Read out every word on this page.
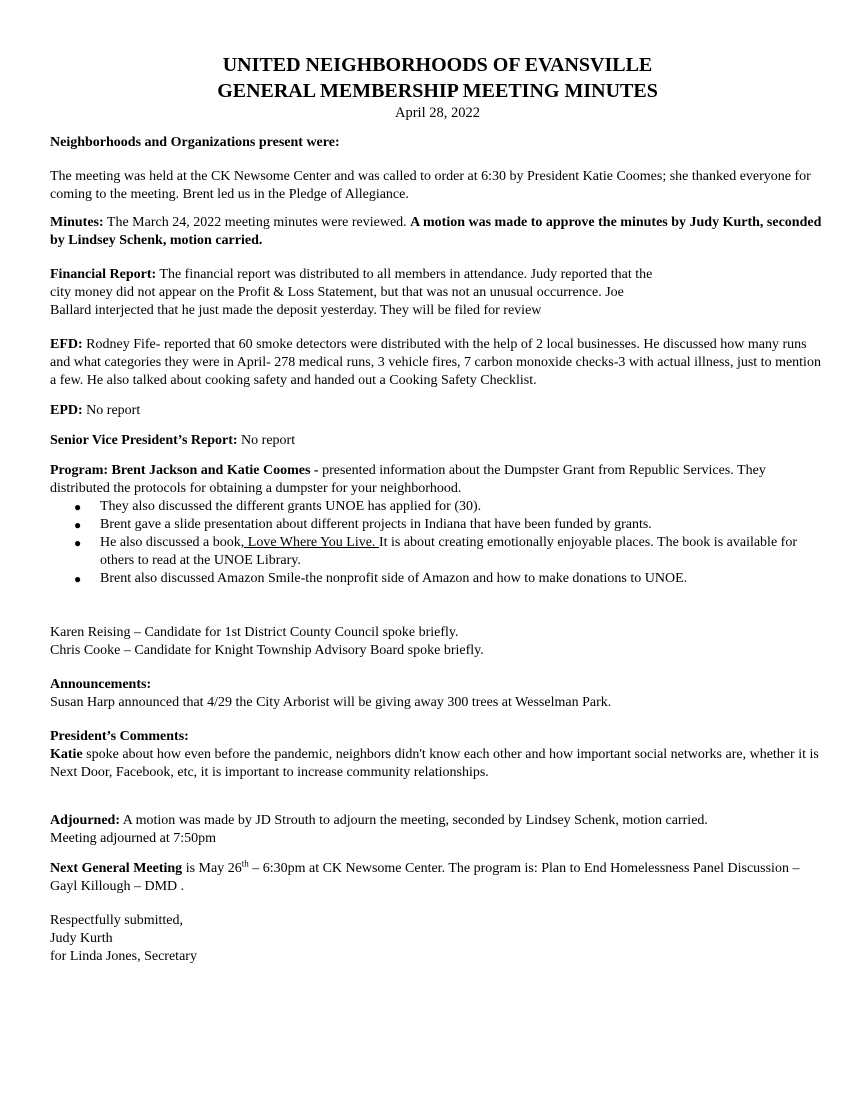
UNITED NEIGHBORHOODS OF EVANSVILLE

GENERAL MEMBERSHIP MEETING MINUTES

April 28, 2022

Neighborhoods and Organizations present were:

The meeting was held at the CK Newsome Center and was called to order at 6:30 by President Katie Coomes; she thanked everyone for coming to the meeting. Brent led us in the Pledge of Allegiance.

Minutes: The March 24, 2022 meeting minutes were reviewed. A motion was made to approve the minutes by Judy Kurth, seconded by Lindsey Schenk, motion carried.

Financial Report: The financial report was distributed to all members in attendance. Judy reported that the city money did not appear on the Profit & Loss Statement, but that was not an unusual occurrence. Joe Ballard interjected that he just made the deposit yesterday. They will be filed for review

EFD: Rodney Fife- reported that 60 smoke detectors were distributed with the help of 2 local businesses. He discussed how many runs and what categories they were in April- 278 medical runs, 3 vehicle fires, 7 carbon monoxide checks-3 with actual illness, just to mention a few. He also talked about cooking safety and handed out a Cooking Safety Checklist.

EPD: No report

Senior Vice President’s Report: No report

Program: Brent Jackson and Katie Coomes - presented information about the Dumpster Grant from Republic Services. They distributed the protocols for obtaining a dumpster for your neighborhood.

● They also discussed the different grants UNOE has applied for (30).
● Brent gave a slide presentation about different projects in Indiana that have been funded by grants.
● He also discussed a book, Love Where You Live. It is about creating emotionally enjoyable places. The book is available for others to read at the UNOE Library.
● Brent also discussed Amazon Smile-the nonprofit side of Amazon and how to make donations to UNOE.

Karen Reising – Candidate for 1st District County Council spoke briefly.

Chris Cooke – Candidate for Knight Township Advisory Board spoke briefly.

Announcements:

Susan Harp announced that 4/29 the City Arborist will be giving away 300 trees at Wesselman Park.

President’s Comments:

Katie spoke about how even before the pandemic, neighbors didn't know each other and how important social networks are, whether it is Next Door, Facebook, etc, it is important to increase community relationships.

Adjourned: A motion was made by JD Strouth to adjourn the meeting, seconded by Lindsey Schenk, motion carried.

Meeting adjourned at 7:50pm

Next General Meeting is May 26th – 6:30pm at CK Newsome Center. The program is: Plan to End Homelessness Panel Discussion – Gayl Killough – DMD .

Respectfully submitted,

Judy Kurth

for Linda Jones, Secretary
